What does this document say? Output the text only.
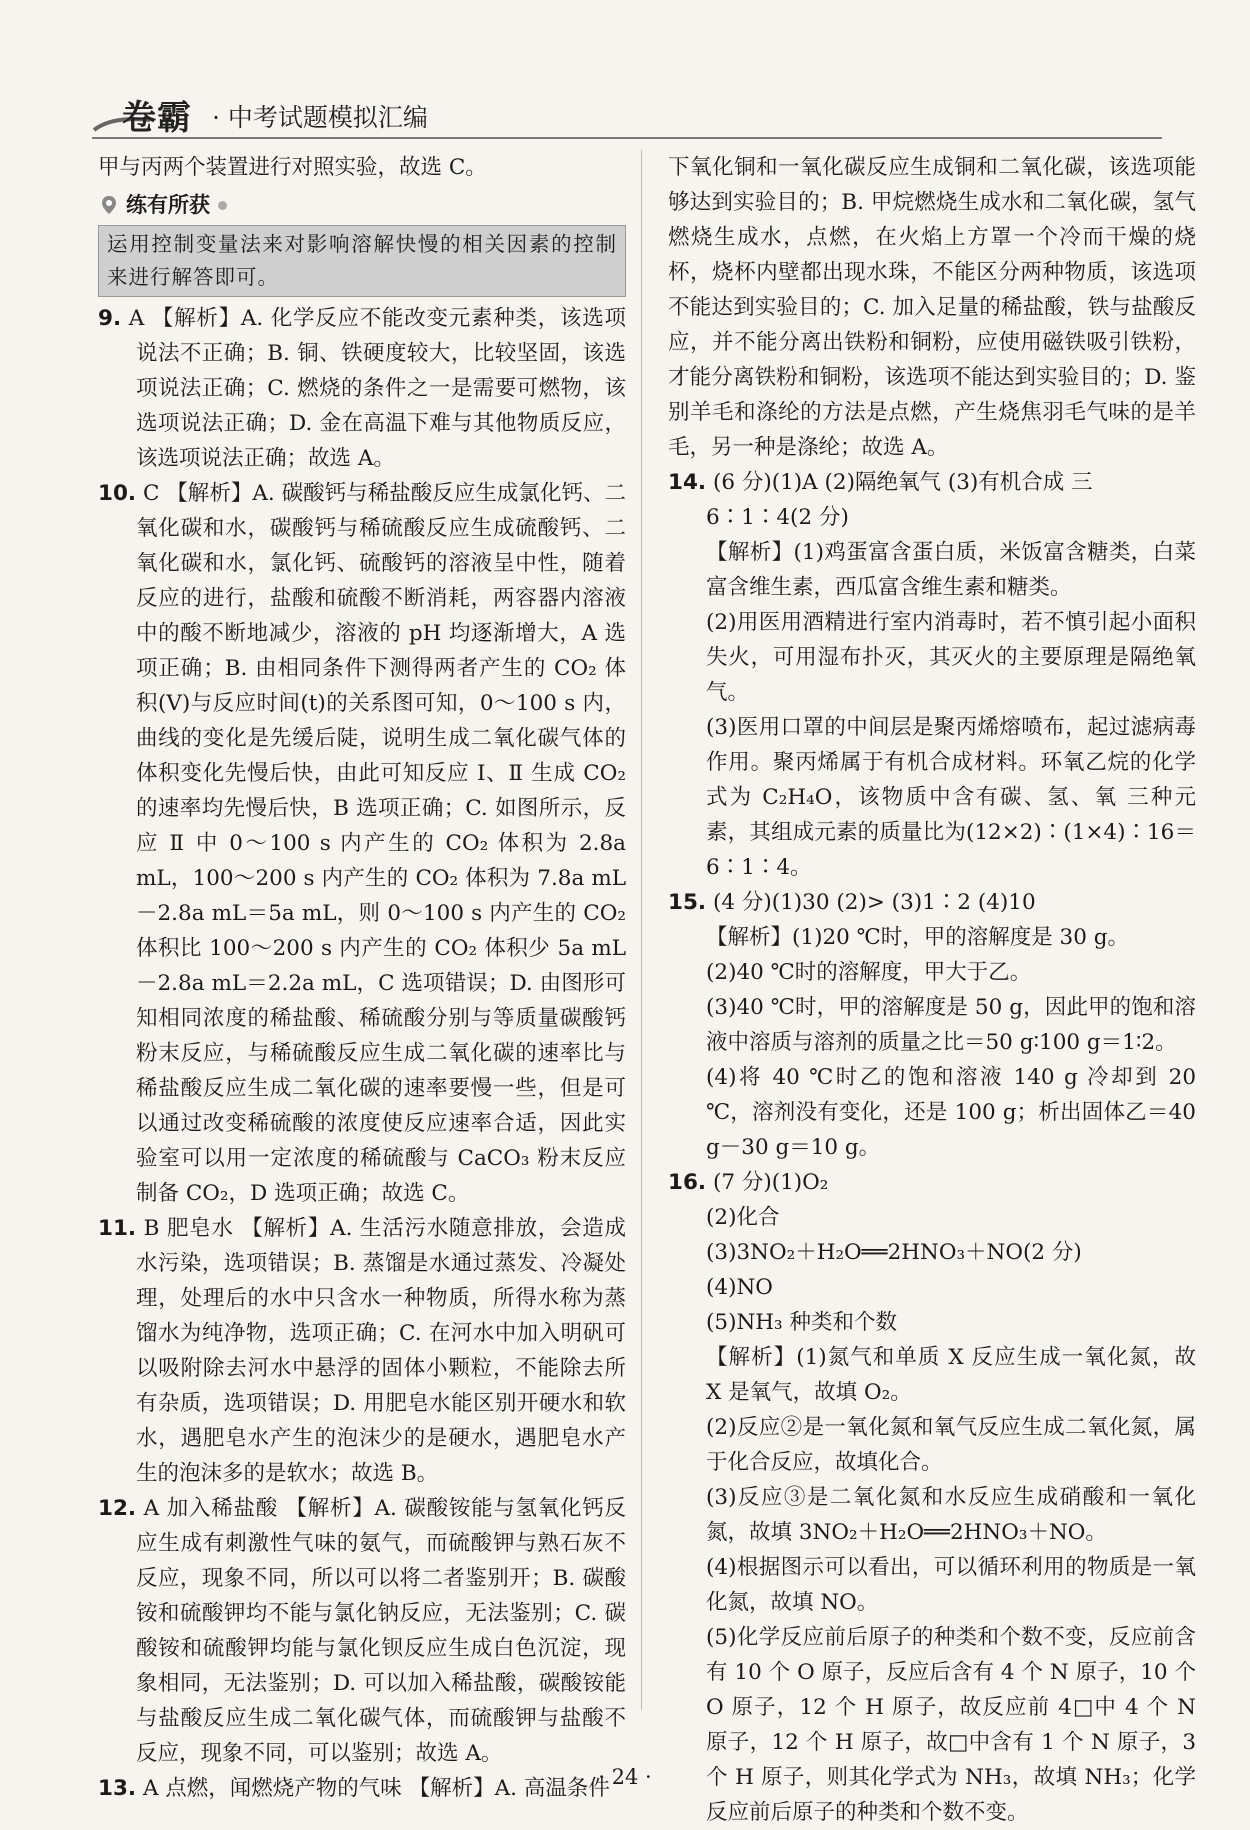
卷霸 · 中考试题模拟汇编

甲与丙两个装置进行对照实验，故选 C。

练有所获
运用控制变量法来对影响溶解快慢的相关因素的控制来进行解答即可。

9. A 【解析】A. 化学反应不能改变元素种类，该选项说法不正确；B. 铜、铁硬度较大，比较坚固，该选项说法正确；C. 燃烧的条件之一是需要可燃物，该选项说法正确；D. 金在高温下难与其他物质反应，该选项说法正确；故选 A。

10. C 【解析】A. 碳酸钙与稀盐酸反应生成氯化钙、二氧化碳和水，碳酸钙与稀硫酸反应生成硫酸钙、二氧化碳和水，氯化钙、硫酸钙的溶液呈中性，随着反应的进行，盐酸和硫酸不断消耗，两容器内溶液中的酸不断地减少，溶液的 pH 均逐渐增大，A 选项正确；B. 由相同条件下测得两者产生的 CO₂ 体积(V)与反应时间(t)的关系图可知，0～100 s 内，曲线的变化是先缓后陡，说明生成二氧化碳气体的体积变化先慢后快，由此可知反应 Ⅰ、Ⅱ 生成 CO₂ 的速率均先慢后快，B 选项正确；C. 如图所示，反应 Ⅱ 中 0～100 s 内产生的 CO₂ 体积为 2.8a mL，100～200 s 内产生的 CO₂ 体积为 7.8a mL－2.8a mL＝5a mL，则 0～100 s 内产生的 CO₂ 体积比 100～200 s 内产生的 CO₂ 体积少 5a mL－2.8a mL＝2.2a mL，C 选项错误；D. 由图形可知相同浓度的稀盐酸、稀硫酸分别与等质量碳酸钙粉末反应，与稀硫酸反应生成二氧化碳的速率比与稀盐酸反应生成二氧化碳的速率要慢一些，但是可以通过改变稀硫酸的浓度使反应速率合适，因此实验室可以用一定浓度的稀硫酸与 CaCO₃ 粉末反应制备 CO₂，D 选项正确；故选 C。

11. B 肥皂水 【解析】A. 生活污水随意排放，会造成水污染，选项错误；B. 蒸馏是水通过蒸发、冷凝处理，处理后的水中只含水一种物质，所得水称为蒸馏水为纯净物，选项正确；C. 在河水中加入明矾可以吸附除去河水中悬浮的固体小颗粒，不能除去所有杂质，选项错误；D. 用肥皂水能区别开硬水和软水，遇肥皂水产生的泡沫少的是硬水，遇肥皂水产生的泡沫多的是软水；故选 B。

12. A 加入稀盐酸 【解析】A. 碳酸铵能与氢氧化钙反应生成有刺激性气味的氨气，而硫酸钾与熟石灰不反应，现象不同，所以可以将二者鉴别开；B. 碳酸铵和硫酸钾均不能与氯化钠反应，无法鉴别；C. 碳酸铵和硫酸钾均能与氯化钡反应生成白色沉淀，现象相同，无法鉴别；D. 可以加入稀盐酸，碳酸铵能与盐酸反应生成二氧化碳气体，而硫酸钾与盐酸不反应，现象不同，可以鉴别；故选 A。

13. A 点燃，闻燃烧产物的气味 【解析】A. 高温条件

下氧化铜和一氧化碳反应生成铜和二氧化碳，该选项能够达到实验目的；B. 甲烷燃烧生成水和二氧化碳，氢气燃烧生成水，点燃，在火焰上方罩一个冷而干燥的烧杯，烧杯内壁都出现水珠，不能区分两种物质，该选项不能达到实验目的；C. 加入足量的稀盐酸，铁与盐酸反应，并不能分离出铁粉和铜粉，应使用磁铁吸引铁粉，才能分离铁粉和铜粉，该选项不能达到实验目的；D. 鉴别羊毛和涤纶的方法是点燃，产生烧焦羽毛气味的是羊毛，另一种是涤纶；故选 A。

14. (6 分)(1)A (2)隔绝氧气 (3)有机合成 三

6∶1∶4(2 分)

【解析】(1)鸡蛋富含蛋白质，米饭富含糖类，白菜富含维生素，西瓜富含维生素和糖类。

(2)用医用酒精进行室内消毒时，若不慎引起小面积失火，可用湿布扑灭，其灭火的主要原理是隔绝氧气。

(3)医用口罩的中间层是聚丙烯熔喷布，起过滤病毒作用。聚丙烯属于有机合成材料。环氧乙烷的化学式为 C₂H₄O，该物质中含有碳、氢、氧 三种元素，其组成元素的质量比为(12×2)∶(1×4)∶16＝6∶1∶4。

15. (4 分)(1)30 (2)> (3)1∶2 (4)10

【解析】(1)20 ℃时，甲的溶解度是 30 g。

(2)40 ℃时的溶解度，甲大于乙。

(3)40 ℃时，甲的溶解度是 50 g，因此甲的饱和溶液中溶质与溶剂的质量之比＝50 g∶100 g＝1∶2。

(4)将 40 ℃时乙的饱和溶液 140 g 冷却到 20 ℃，溶剂没有变化，还是 100 g；析出固体乙＝40 g－30 g＝10 g。

16. (7 分)(1)O₂

(2)化合

(3)3NO₂＋H₂O══2HNO₃＋NO(2 分)

(4)NO

(5)NH₃ 种类和个数

【解析】(1)氮气和单质 X 反应生成一氧化氮，故 X 是氧气，故填 O₂。

(2)反应②是一氧化氮和氧气反应生成二氧化氮，属于化合反应，故填化合。

(3)反应③是二氧化氮和水反应生成硝酸和一氧化氮，故填 3NO₂＋H₂O══2HNO₃＋NO。

(4)根据图示可以看出，可以循环利用的物质是一氧化氮，故填 NO。

(5)化学反应前后原子的种类和个数不变，反应前含有 10 个 O 原子，反应后含有 4 个 N 原子，10 个 O 原子，12 个 H 原子，故反应前 4□中 4 个 N 原子，12 个 H 原子，故□中含有 1 个 N 原子，3 个 H 原子，则其化学式为 NH₃，故填 NH₃；化学反应前后原子的种类和个数不变。

· 24 ·
